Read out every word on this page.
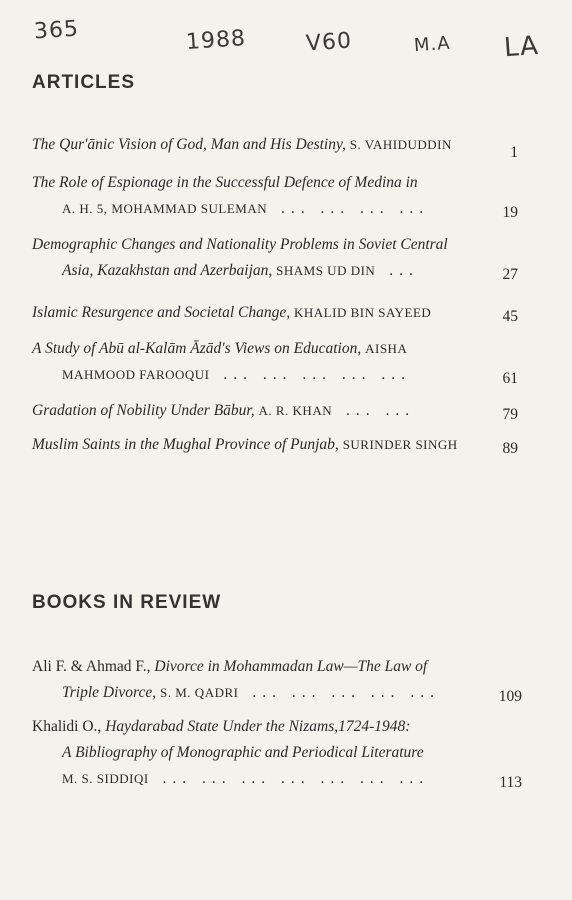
365	1988	V60	M.A LA
ARTICLES
The Qur'ānic Vision of God, Man and His Destiny, S. VAHIDUDDIN	1
The Role of Espionage in the Successful Defence of Medina in
A. H. 5, MOHAMMAD SULEMAN ... ... ... ...	19
Demographic Changes and Nationality Problems in Soviet Central
Asia, Kazakhstan and Azerbaijan, SHAMS UD DIN ...	27
Islamic Resurgence and Societal Change, KHALID BIN SAYEED	45
A Study of Abū al-Kalām Āzād's Views on Education, AISHA
MAHMOOD FAROOQUI ... ... ... ... ...	61
Gradation of Nobility Under Bābur, A. R. KHAN ... ...	79
Muslim Saints in the Mughal Province of Punjab, SURINDER SINGH	89
BOOKS IN REVIEW
Ali F. & Ahmad F., Divorce in Mohammadan Law—The Law of
Triple Divorce, S. M. QADRI ... ... ... ... ...	109
Khalidi O., Haydarabad State Under the Nizams,1724-1948:
A Bibliography of Monographic and Periodical Literature
M. S. SIDDIQI ... ... ... ... ... ... ...	113
